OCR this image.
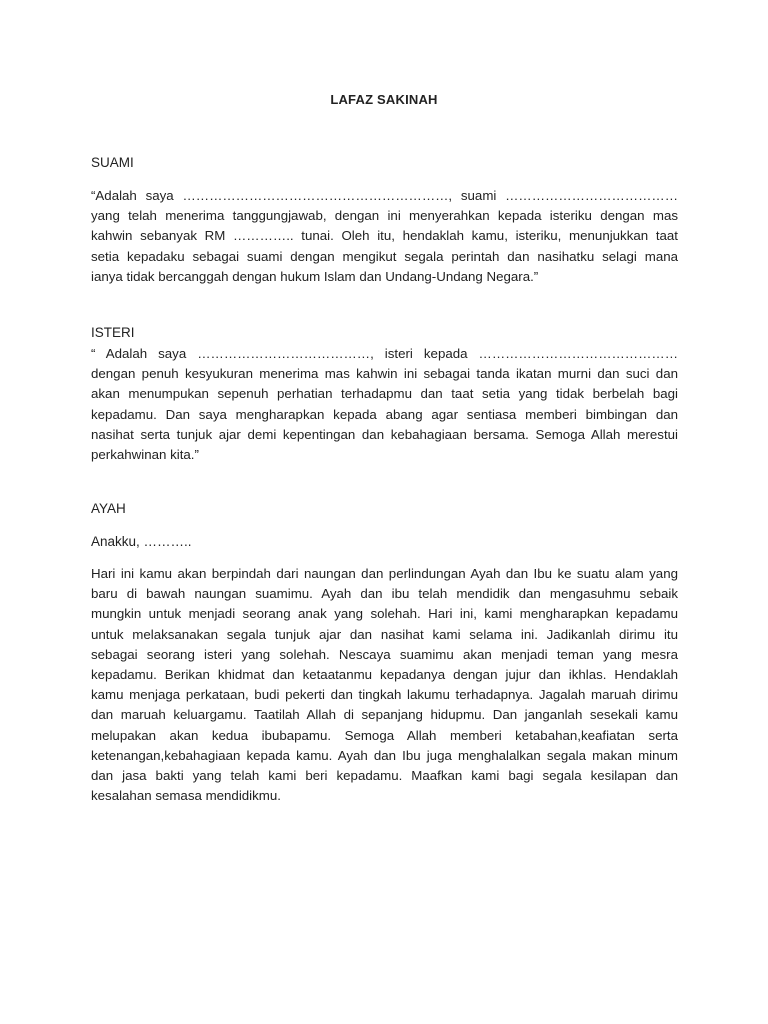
LAFAZ SAKINAH
SUAMI
“Adalah saya ……………………………………………………, suami …………………………………
yang telah menerima tanggungjawab, dengan ini menyerahkan kepada isteriku dengan mas
kahwin sebanyak RM ………….. tunai. Oleh itu, hendaklah kamu, isteriku, menunjukkan taat
setia kepadaku sebagai suami dengan mengikut segala perintah dan nasihatku selagi mana
ianya tidak bercanggah dengan hukum Islam dan Undang-Undang Negara.”
ISTERI
“ Adalah saya …………………………………, isteri kepada ………………………………………
dengan penuh kesyukuran menerima mas kahwin ini sebagai tanda ikatan murni dan suci dan
akan menumpukan sepenuh perhatian terhadapmu dan taat setia yang tidak berbelah bagi
kepadamu. Dan saya mengharapkan kepada abang agar sentiasa memberi bimbingan dan
nasihat serta tunjuk ajar demi kepentingan dan kebahagiaan bersama. Semoga Allah merestui
perkahwinan kita.”
AYAH
Anakku, ………..
Hari ini kamu akan berpindah dari naungan dan perlindungan Ayah dan Ibu ke suatu alam yang
baru di bawah naungan suamimu. Ayah dan ibu telah mendidik dan mengasuhmu sebaik
mungkin untuk menjadi seorang anak yang solehah. Hari ini, kami mengharapkan kepadamu
untuk melaksanakan segala tunjuk ajar dan nasihat kami selama ini. Jadikanlah dirimu itu
sebagai seorang isteri yang solehah. Nescaya suamimu akan menjadi teman yang mesra
kepadamu. Berikan khidmat dan ketaatanmu kepadanya dengan jujur dan ikhlas. Hendaklah
kamu menjaga perkataan, budi pekerti dan tingkah lakumu terhadapnya. Jagalah maruah dirimu
dan maruah keluargamu. Taatilah Allah di sepanjang hidupmu. Dan janganlah sesekali kamu
melupakan akan kedua ibubapamu. Semoga Allah memberi ketabahan,keafiatan serta
ketenangan,kebahagiaan kepada kamu. Ayah dan Ibu juga menghalalkan segala makan minum
dan jasa bakti yang telah kami beri kepadamu. Maafkan kami bagi segala kesilapan dan
kesalahan semasa mendidikmu.
